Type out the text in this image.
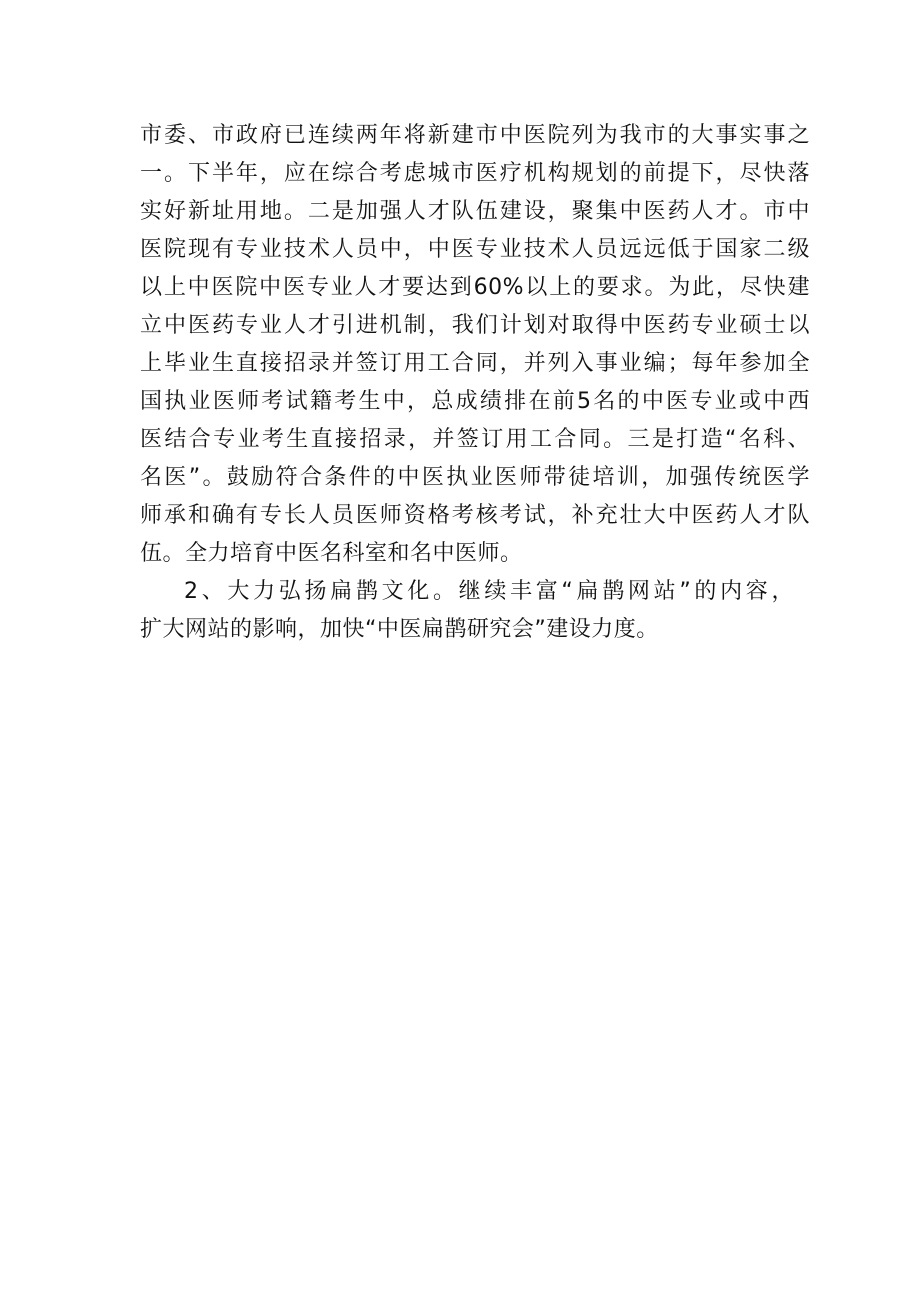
市委、市政府已连续两年将新建市中医院列为我市的大事实事之
一。下半年，应在综合考虑城市医疗机构规划的前提下，尽快落
实好新址用地。二是加强人才队伍建设，聚集中医药人才。市中
医院现有专业技术人员中，中医专业技术人员远远低于国家二级
以上中医院中医专业人才要达到60%以上的要求。为此，尽快建
立中医药专业人才引进机制，我们计划对取得中医药专业硕士以
上毕业生直接招录并签订用工合同，并列入事业编；每年参加全
国执业医师考试籍考生中，总成绩排在前5名的中医专业或中西
医结合专业考生直接招录，并签订用工合同。三是打造“名科、
名医”。鼓励符合条件的中医执业医师带徒培训，加强传统医学
师承和确有专长人员医师资格考核考试，补充壮大中医药人才队
伍。全力培育中医名科室和名中医师。
2、大力弘扬扁鹊文化。继续丰富“扁鹊网站”的内容，
扩大网站的影响，加快“中医扁鹊研究会”建设力度。
